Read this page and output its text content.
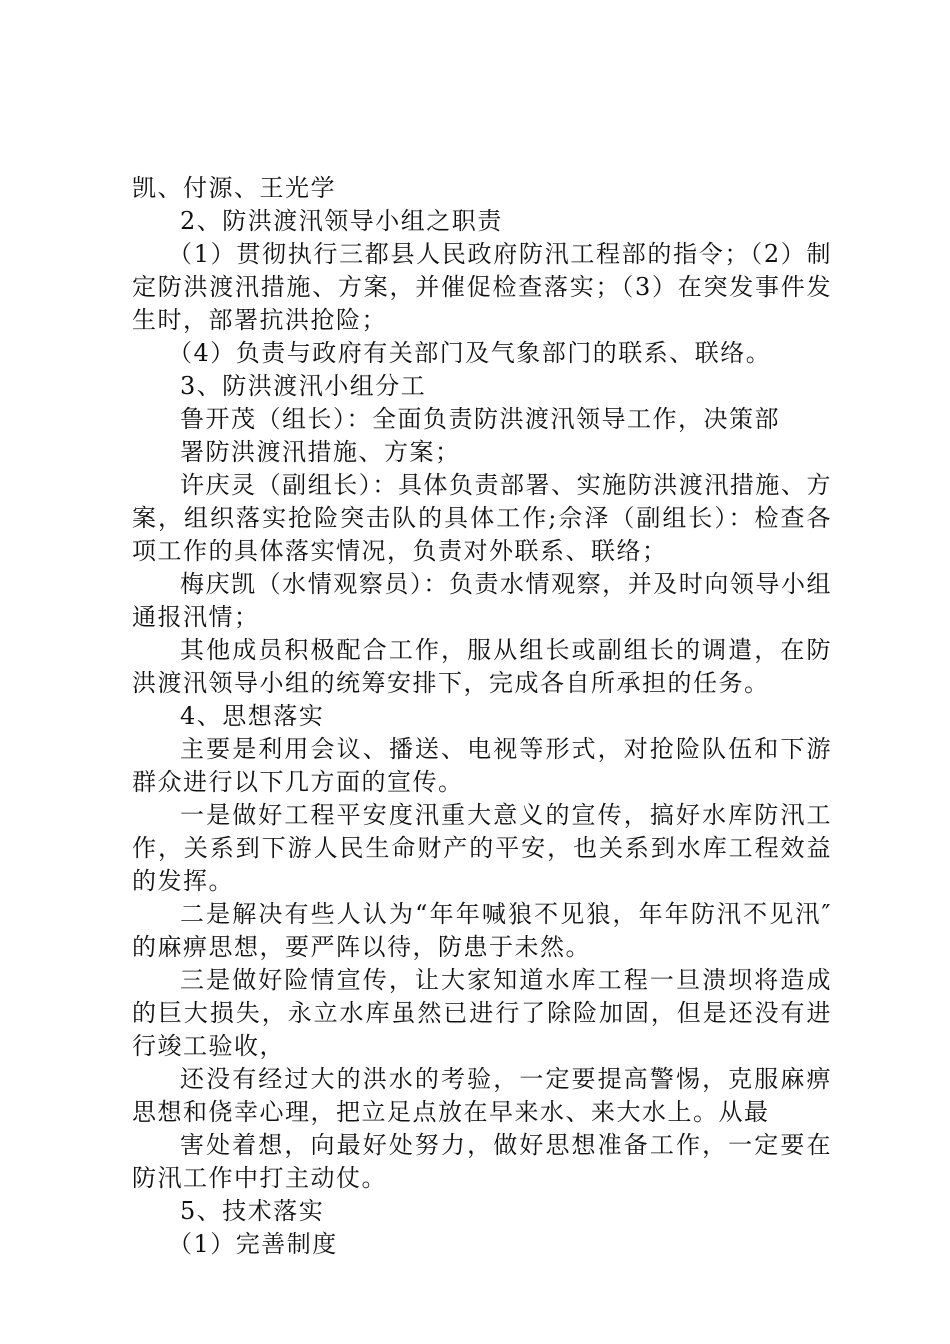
凯、付源、王光学

2、防洪渡汛领导小组之职责

（1）贯彻执行三都县人民政府防汛工程部的指令；（2）制定防洪渡汛措施、方案，并催促检查落实；（3）在突发事件发生时，部署抗洪抢险；

（4）负责与政府有关部门及气象部门的联系、联络。

3、防洪渡汛小组分工

鲁开茂（组长）：全面负责防洪渡汛领导工作，决策部

署防洪渡汛措施、方案；

许庆灵（副组长）：具体负责部署、实施防洪渡汛措施、方案，组织落实抢险突击队的具体工作;佘泽（副组长）：检查各项工作的具体落实情况，负责对外联系、联络；

梅庆凯（水情观察员）：负责水情观察，并及时向领导小组通报汛情；

其他成员积极配合工作，服从组长或副组长的调遣，在防洪渡汛领导小组的统筹安排下，完成各自所承担的任务。

4、思想落实

主要是利用会议、播送、电视等形式，对抢险队伍和下游群众进行以下几方面的宣传。

一是做好工程平安度汛重大意义的宣传，搞好水库防汛工作，关系到下游人民生命财产的平安，也关系到水库工程效益的发挥。

二是解决有些人认为“年年喊狼不见狼，年年防汛不见汛″的麻痹思想，要严阵以待，防患于未然。

三是做好险情宣传，让大家知道水库工程一旦溃坝将造成的巨大损失，永立水库虽然已进行了除险加固，但是还没有进行竣工验收，

还没有经过大的洪水的考验，一定要提高警惕，克服麻痹思想和侥幸心理，把立足点放在早来水、来大水上。从最

害处着想，向最好处努力，做好思想准备工作，一定要在防汛工作中打主动仗。

5、技术落实

（1）完善制度
